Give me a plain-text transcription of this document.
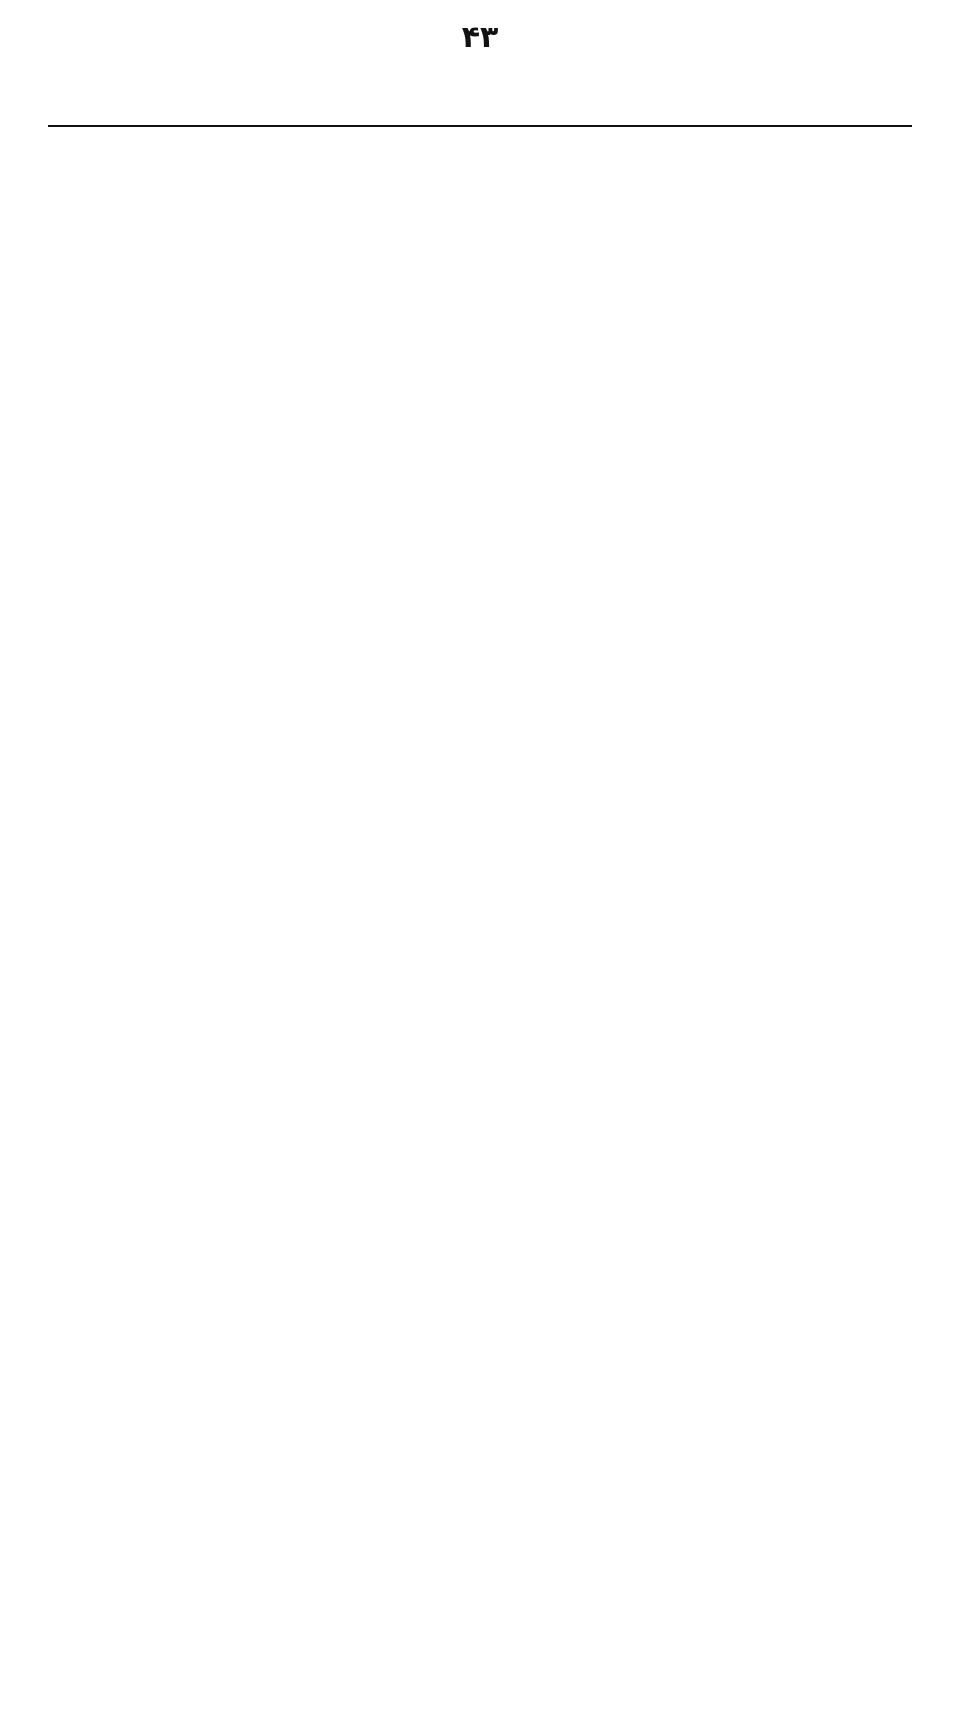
۴۳
